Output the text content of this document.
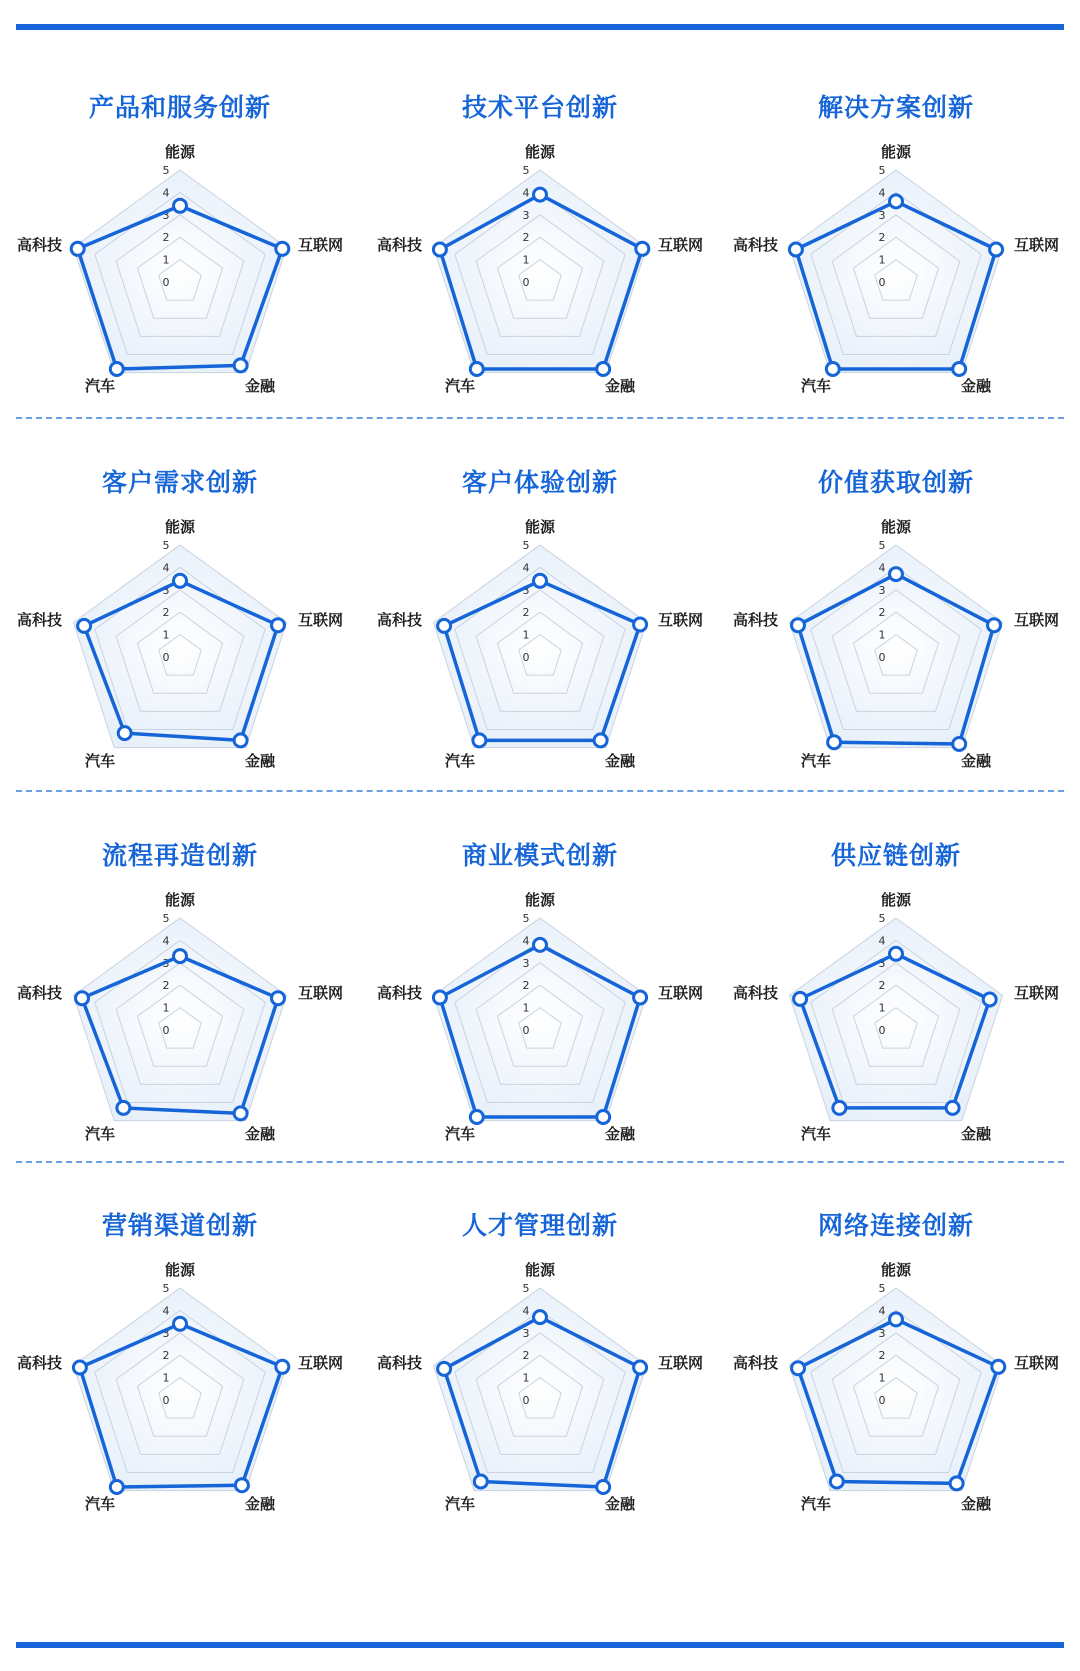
产品和服务创新
0
1
2
3
4
5
能源
互联网
金融
汽车
高科技
技术平台创新
0
1
2
3
4
5
能源
互联网
金融
汽车
高科技
解决方案创新
0
1
2
3
4
5
能源
互联网
金融
汽车
高科技
客户需求创新
0
1
2
3
4
5
能源
互联网
金融
汽车
高科技
客户体验创新
0
1
2
3
4
5
能源
互联网
金融
汽车
高科技
价值获取创新
0
1
2
3
4
5
能源
互联网
金融
汽车
高科技
流程再造创新
0
1
2
3
4
5
能源
互联网
金融
汽车
高科技
商业模式创新
0
1
2
3
4
5
能源
互联网
金融
汽车
高科技
供应链创新
0
1
2
3
4
5
能源
互联网
金融
汽车
高科技
营销渠道创新
0
1
2
3
4
5
能源
互联网
金融
汽车
高科技
人才管理创新
0
1
2
3
4
5
能源
互联网
金融
汽车
高科技
网络连接创新
0
1
2
3
4
5
能源
互联网
金融
汽车
高科技
